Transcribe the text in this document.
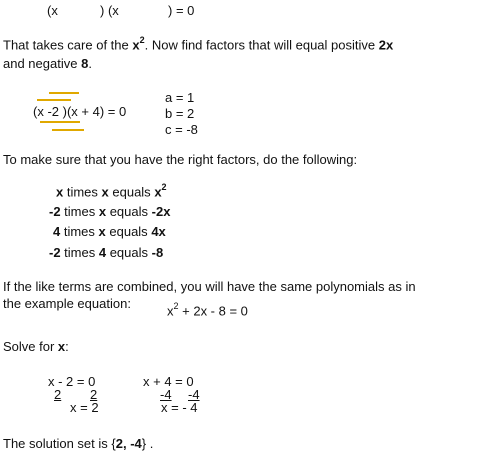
(x	) (x	) = 0
That takes care of the $x^2$. Now find factors that will equal positive 2x
and negative 8.
(x -2 )(x + 4) = 0
a = 1
b = 2
c = -8
To make sure that you have the right factors, do the following:
x times x equals $x^2$
-2 times x equals -2x
4 times x equals 4x
-2 times 4 equals -8
If the like terms are combined, you will have the same polynomials as in
the example equation:	$x^2 + 2x - 8 = 0$
Solve for x:
x - 2 = 0
2 2
x = 2
x + 4 = 0
-4 -4
x = - 4
The solution set is {2, -4} .
